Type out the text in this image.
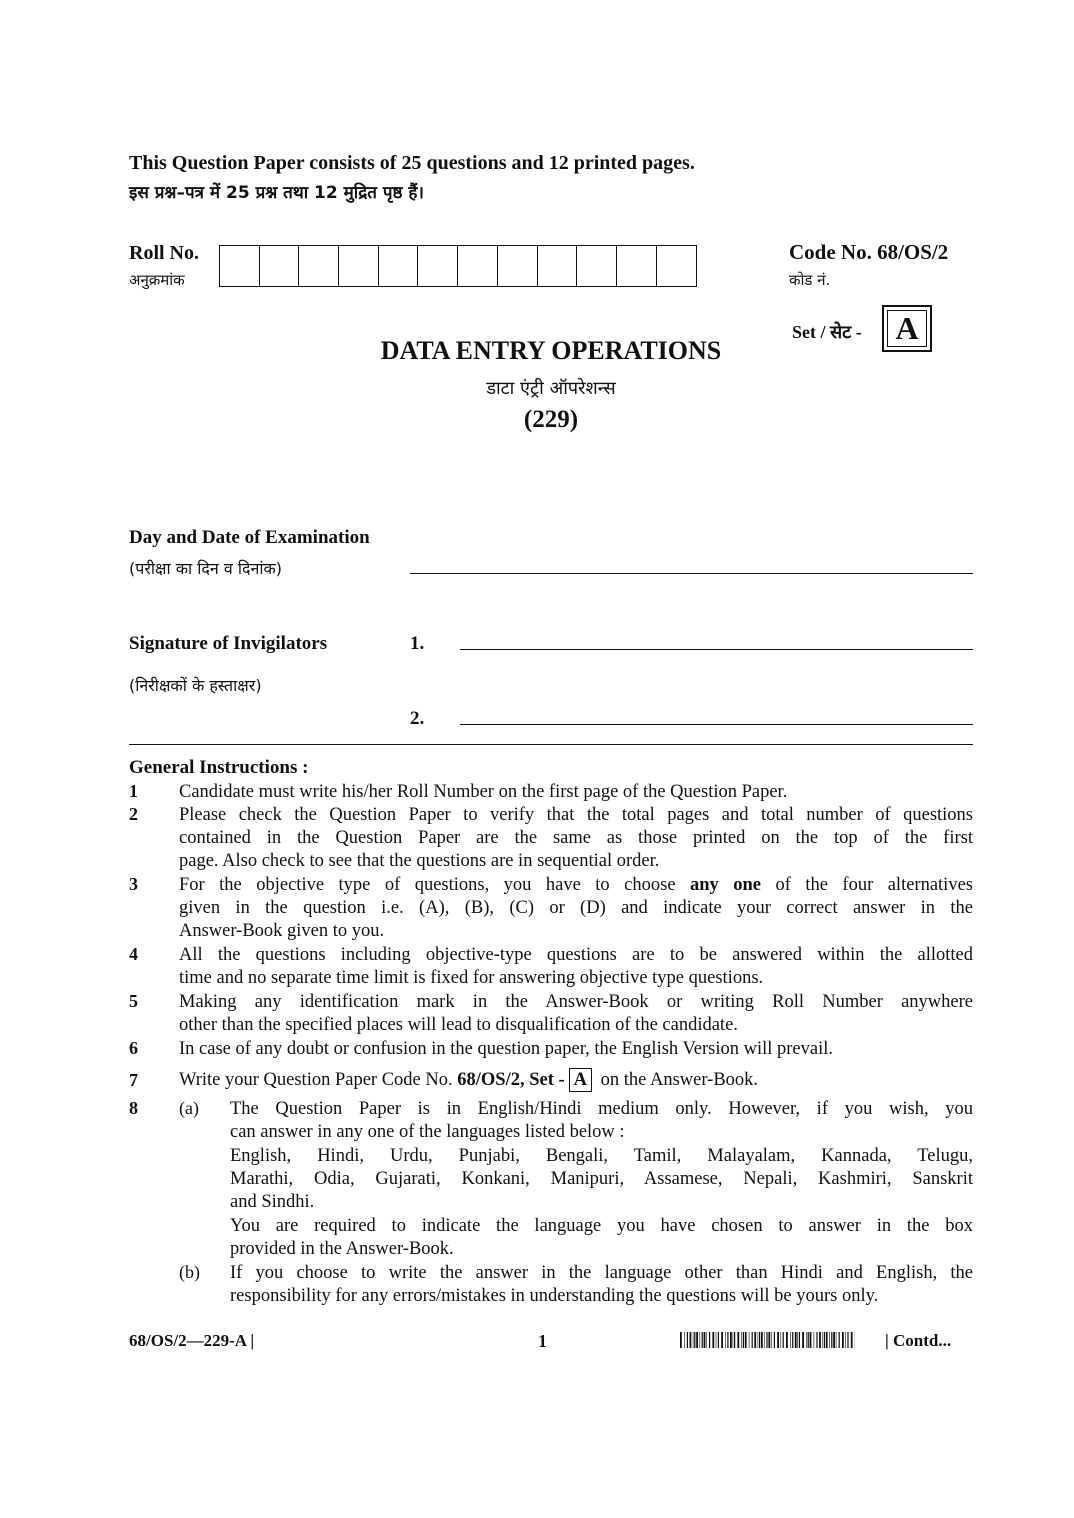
This Question Paper consists of 25 questions and 12 printed pages.
इस प्रश्न–पत्र में 25 प्रश्न तथा 12 मुद्रित पृष्ठ हैं।
Roll No.
अनुक्रमांक
Code No. 68/OS/2
कोड नं.
Set / सेट - A
DATA ENTRY OPERATIONS
डाटा एंट्री ऑपरेशन्स
(229)
Day and Date of Examination
(परीक्षा का दिन व दिनांक)
Signature of Invigilators
(निरीक्षकों के हस्ताक्षर)
1.
2.
General Instructions :
1 Candidate must write his/her Roll Number on the first page of the Question Paper.
2 Please check the Question Paper to verify that the total pages and total number of questions
contained in the Question Paper are the same as those printed on the top of the first
page. Also check to see that the questions are in sequential order.
3 For the objective type of questions, you have to choose any one of the four alternatives
given in the question i.e. (A), (B), (C) or (D) and indicate your correct answer in the
Answer-Book given to you.
4 All the questions including objective-type questions are to be answered within the allotted
time and no separate time limit is fixed for answering objective type questions.
5 Making any identification mark in the Answer-Book or writing Roll Number anywhere
other than the specified places will lead to disqualification of the candidate.
6 In case of any doubt or confusion in the question paper, the English Version will prevail.
7 Write your Question Paper Code No. 68/OS/2, Set - A on the Answer-Book.
8 (a) The Question Paper is in English/Hindi medium only. However, if you wish, you
can answer in any one of the languages listed below :
English, Hindi, Urdu, Punjabi, Bengali, Tamil, Malayalam, Kannada, Telugu,
Marathi, Odia, Gujarati, Konkani, Manipuri, Assamese, Nepali, Kashmiri, Sanskrit
and Sindhi.
You are required to indicate the language you have chosen to answer in the box
provided in the Answer-Book.
(b) If you choose to write the answer in the language other than Hindi and English, the
responsibility for any errors/mistakes in understanding the questions will be yours only.
68/OS/2—229-A |	1	| Contd...
